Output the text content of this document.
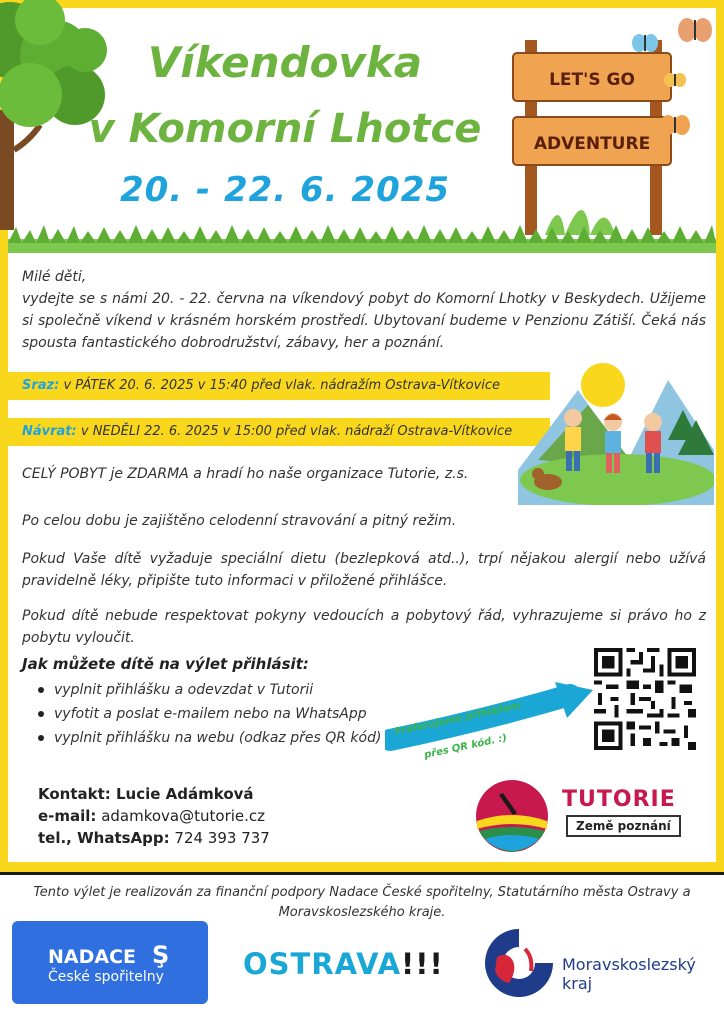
Víkendovka
v Komorní Lhotce
20. - 22. 6. 2025
LET'S GO
ADVENTURE
Milé děti,
vydejte se s námi 20. - 22. června na víkendový pobyt do Komorní Lhotky v Beskydech. Užijeme si společně víkend v krásném horském prostředí. Ubytovaní budeme v Penzionu Zátiší. Čeká nás spousta fantastického dobrodružství, zábavy, her a poznání.
Sraz: v PÁTEK 20. 6. 2025 v 15:40 před vlak. nádražím Ostrava-Vítkovice
Návrat: v NEDĚLI 22. 6. 2025 v 15:00 před vlak. nádraží Ostrava-Vítkovice
CELÝ POBYT je ZDARMA a hradí ho naše organizace Tutorie, z.s.
Po celou dobu je zajištěno celodenní stravování a pitný režim.
Pokud Vaše dítě vyžaduje speciální dietu (bezlepková atd..), trpí nějakou alergií nebo užívá pravidelně léky, připište tuto informaci v přiložené přihlášce.
Pokud dítě nebude respektovat pokyny vedoucích a pobytový řád, vyhrazujeme si právo ho z pobytu vyloučit.
Jak můžete dítě na výlet přihlásit:
vyplnit přihlášku a odevzdat v Tutorii
vyfotit a poslat e-mailem nebo na WhatsApp
vyplnit přihlášku na webu (odkaz přes QR kód)
Preferujeme přihlášení
přes QR kód. :)
Kontakt: Lucie Adámková
e-mail: adamkova@tutorie.cz
tel., WhatsApp: 724 393 737
TUTORIE
Země poznání
Tento výlet je realizován za finanční podpory Nadace České spořitelny, Statutárního města Ostravy a Moravskoslezského kraje.
NADACE Ş
České spořitelny	OSTRAVA!!!	Moravskoslezský
kraj
